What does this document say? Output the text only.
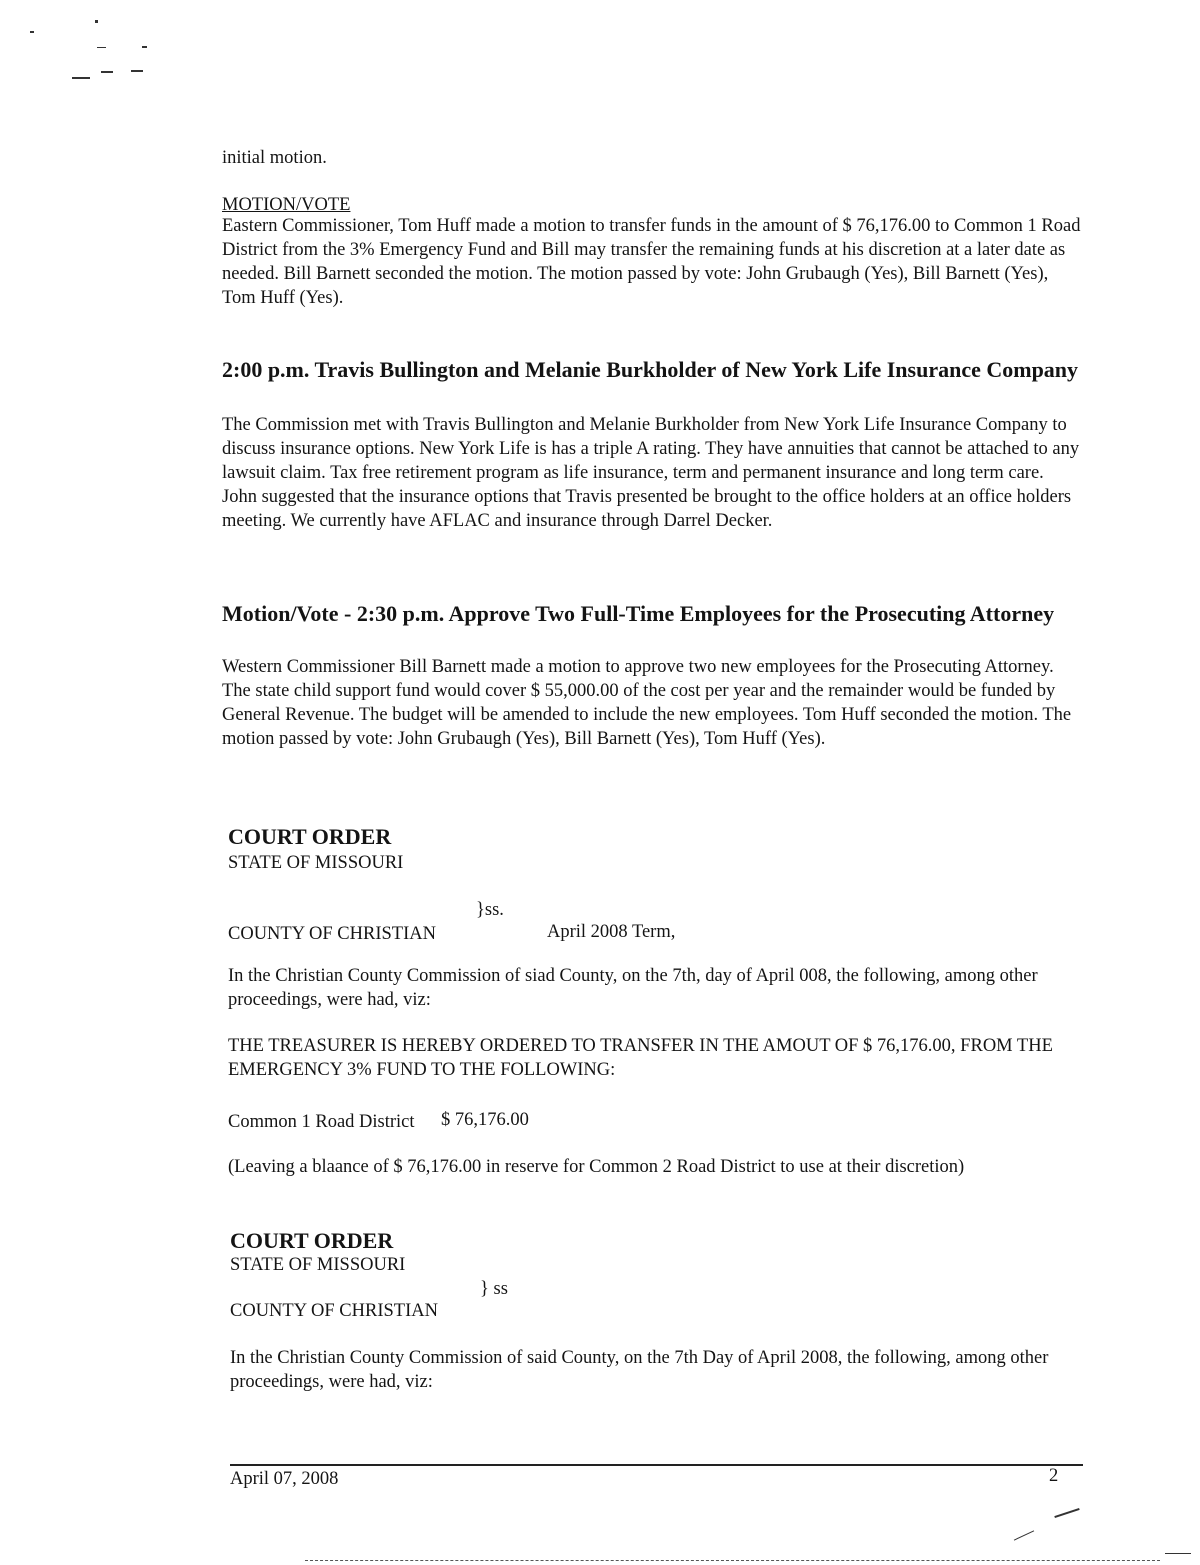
initial motion.
MOTION/VOTE
Eastern Commissioner, Tom Huff made a motion to transfer funds in the amount of $ 76,176.00 to Common 1 Road District from the 3% Emergency Fund and Bill may transfer the remaining funds at his discretion at a later date as needed. Bill Barnett seconded the motion. The motion passed by vote: John Grubaugh (Yes), Bill Barnett (Yes), Tom Huff (Yes).
2:00 p.m. Travis Bullington and Melanie Burkholder of New York Life Insurance Company
The Commission met with Travis Bullington and Melanie Burkholder from New York Life Insurance Company to discuss insurance options. New York Life is has a triple A rating. They have annuities that cannot be attached to any lawsuit claim. Tax free retirement program as life insurance, term and permanent insurance and long term care. John suggested that the insurance options that Travis presented be brought to the office holders at an office holders meeting. We currently have AFLAC and insurance through Darrel Decker.
Motion/Vote - 2:30 p.m. Approve Two Full-Time Employees for the Prosecuting Attorney
Western Commissioner Bill Barnett made a motion to approve two new employees for the Prosecuting Attorney. The state child support fund would cover $ 55,000.00 of the cost per year and the remainder would be funded by General Revenue. The budget will be amended to include the new employees. Tom Huff seconded the motion. The motion passed by vote: John Grubaugh (Yes), Bill Barnett (Yes), Tom Huff (Yes).
COURT ORDER
STATE OF MISSOURI
}ss.
COUNTY OF CHRISTIAN	April 2008 Term,
In the Christian County Commission of siad County, on the 7th, day of April 008, the following, among other proceedings, were had, viz:
THE TREASURER IS HEREBY ORDERED TO TRANSFER IN THE AMOUT OF $ 76,176.00, FROM THE EMERGENCY 3% FUND TO THE FOLLOWING:
Common 1 Road District $ 76,176.00
(Leaving a blaance of $ 76,176.00 in reserve for Common 2 Road District to use at their discretion)
COURT ORDER
STATE OF MISSOURI
} ss
COUNTY OF CHRISTIAN
In the Christian County Commission of said County, on the 7th Day of April 2008, the following, among other proceedings, were had, viz:
April 07, 2008	2
